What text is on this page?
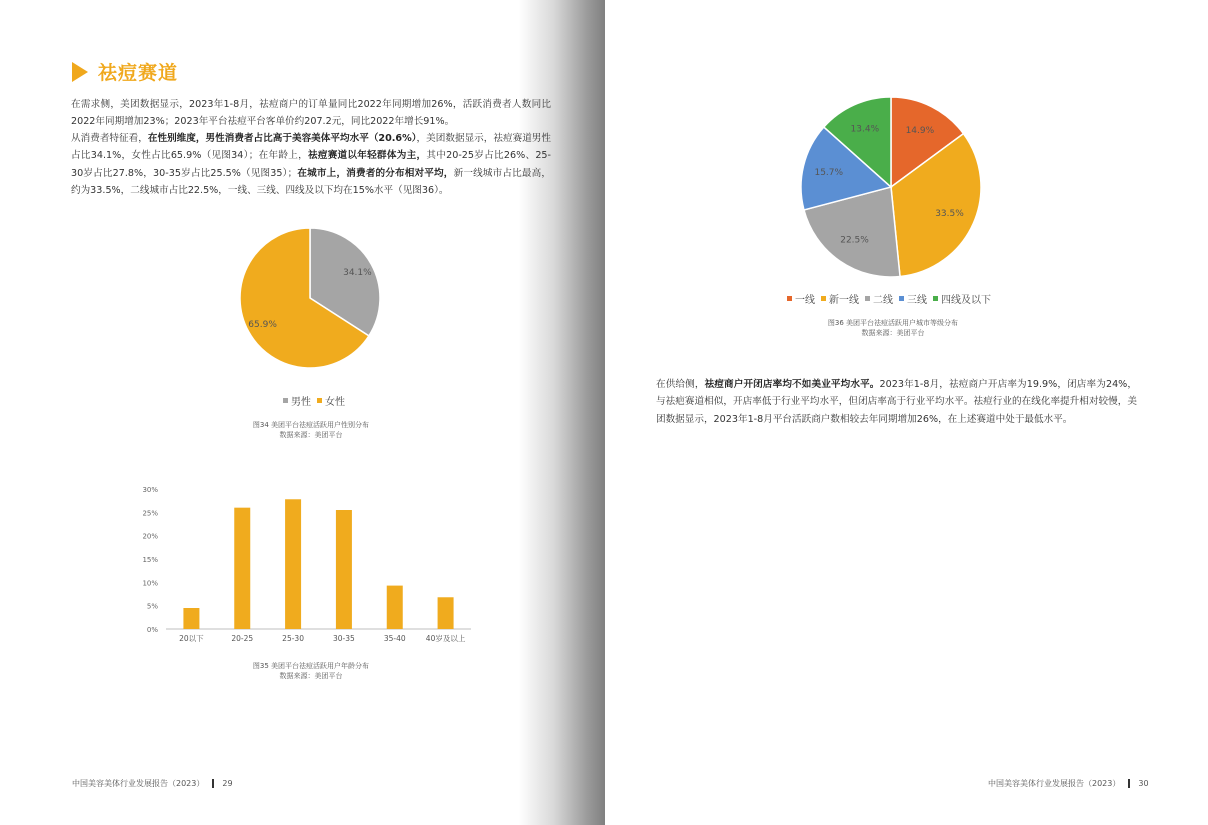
祛痘赛道
在需求侧，美团数据显示，2023年1-8月，祛痘商户的订单量同比2022年同期增加26%，活跃消费者人数同比2022年同期增加23%；2023年平台祛痘平台客单价约207.2元，同比2022年增长91%。
从消费者特征看，在性别维度，男性消费者占比高于美容美体平均水平（20.6%），美团数据显示，祛痘赛道男性占比34.1%，女性占比65.9%（见图34）；在年龄上，祛痘赛道以年轻群体为主，其中20-25岁占比26%、25-30岁占比27.8%，30-35岁占比25.5%（见图35）；在城市上，消费者的分布相对平均，新一线城市占比最高，约为33.5%，二线城市占比22.5%，一线、三线、四线及以下均在15%水平（见图36）。
34.1%
65.9%
男性 女性
图34 美团平台祛痘活跃用户性别分布
数据来源：美团平台
0%
5%
10%
15%
20%
25%
30%
20以下	20-25	25-30	30-35	35-40	40岁及以上
图35 美团平台祛痘活跃用户年龄分布
数据来源：美团平台
中国美容美体行业发展报告（2023） 29
14.9%
33.5%
22.5%
15.7%
13.4%
一线 新一线 二线 三线 四线及以下
图36 美团平台祛痘活跃用户城市等级分布
数据来源：美团平台
在供给侧，祛痘商户开闭店率均不如美业平均水平。2023年1-8月，祛痘商户开店率为19.9%，闭店率为24%，与祛疤赛道相似，开店率低于行业平均水平，但闭店率高于行业平均水平。祛痘行业的在线化率提升相对较慢，美团数据显示，2023年1-8月平台活跃商户数相较去年同期增加26%，在上述赛道中处于最低水平。
中国美容美体行业发展报告（2023） 30
